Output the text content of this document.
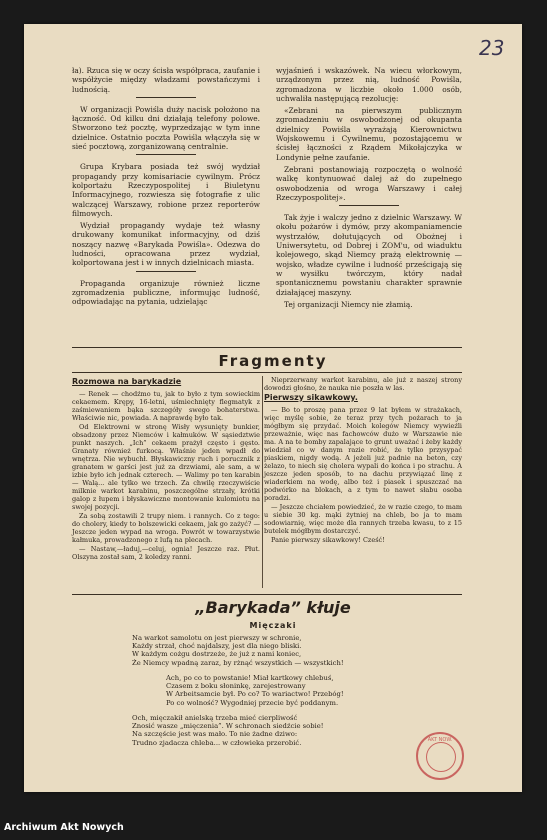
23

ła). Rzuca się w oczy ścisła współpraca, zaufanie i współżycie między władzami powstańczymi i ludnością.

W organizacji Powiśla duży nacisk położono na łączność. Od kilku dni działają telefony polowe. Stworzono też pocztę, wyprzedzając w tym inne dzielnice. Ostatnio poczta Powiśla włączyła się w sieć pocztową, zorganizowaną centralnie.

Grupa Krybara posiada też swój wydział propagandy przy komisariacie cywilnym. Prócz kolportażu Rzeczypospolitej i Biuletynu Informacyjnego, rozwiesza się fotografie z ulic walczącej Warszawy, robione przez reporterów filmowych.

Wydział propagandy wydaje też własny drukowany komunikat informacyjny, od dziś noszący nazwę «Barykada Powiśla». Odezwa do ludności, opracowana przez wydział, kolportowana jest i w innych dzielnicach miasta.

Propaganda organizuje również liczne zgromadzenia publiczne, informując ludność, odpowiadając na pytania, udzielając

wyjaśnień i wskazówek. Na wiecu włorkowym, urządzonym przez nią, ludność Powiśla, zgromadzona w liczbie około 1.000 osób, uchwaliła następującą rezolucję:

«Zebrani na pierwszym publicznym zgromadzeniu w oswobodzonej od okupanta dzielnicy Powiśla wyrażają Kierownictwu Wojskowemu i Cywilnemu, pozostającemu w ścisłej łączności z Rządem Mikołajczyka w Londynie pełne zaufanie.

Zebrani postanowiają rozpoczętą o wolność walkę kontynuować dalej aż do zupełnego oswobodzenia od wroga Warszawy i całej Rzeczypospolitej».

Tak żyje i walczy jedno z dzielnic Warszawy. W okołu pożarów i dymów, przy akompaniamencie wystrzałów, dołutujących od Obożnej i Uniwersytetu, od Dobrej i ZOM'u, od wiaduktu kolejowego, skąd Niemcy prażą elektrownię — wojsko, władze cywilne i ludność prześcigają się w wysiłku twórczym, który nadał spontanicznemu powstaniu charakter sprawnie działającej maszyny.

Tej organizacji Niemcy nie złamią.

Fragmenty
Rozmowa na barykadzie

— Renek — chodźmo tu, jak to było z tym sowieckim cekaemem. Krępy, 16-letni, uśmiechnięty flegmatyk z zaśmiewaniem bąka szczegóły swego bohaterstwa. Właściwie nic, powiada. A naprawdę było tak.

Od Elektrowni w stronę Wisły wysunięty bunkier, obsadzony przez Niemców i kałmuków. W sąsiedztwie punkt naszych. „Ich” cekaem prażył często i gęsto. Granaty również furkocą. Właśnie jeden wpadł do wnętrza. Nie wybuchł. Błyskawiczny ruch i porucznik z granatem w garści jest już za drzwiami, ale sam, a w izbie było ich jednak czterech. — Walimy po ten karabin — Walą... ale tylko we trzech. Za chwilę rzeczywiście milknie warkot karabinu, poszczególne strzały, krótki galop z łupem i błyskawiczne montowanie kulomiotu na swojej pozycji.

Za sobą zostawili 2 trupy niem. i rannych. Co z tego: do cholery, kiedy to bolszewicki cekaem, jak go zażyć? — Jeszcze jeden wypad na wroga. Powrót w towarzystwie kałmuka, prowadzonego z lufą na plecach.

— Nastaw,—ładuj,—celuj, ognia! Jeszcze raz. Płut. Olszyna został sam, 2 koledzy ranni.

Nieprzerwany warkot karabinu, ale już z naszej strony dowodzi głośno, że nauka nie poszła w las.

Pierwszy sikawkowy.

— Bo to proszę pana przez 9 lat byłem w strażakach, więc myślę sobie, że teraz przy tych pożarach to ja mógłbym się przydać. Moich kolegów Niemcy wywieźli przeważnie, więc nas fachowców dużo w Warszawie nie ma. A na te bomby zapalające to grunt uważać i żeby każdy wiedział co w danym razie robić, że tylko przysypać piaskiem, nigdy wodą. A jeżeli już padnie na beton, czy żelazo, to niech się cholera wypali do końca i po strachu. A jeszcze jeden sposób, to na dachu przywiązać linę z wiaderkiem na wodę, albo też i piasek i spuszczać na podwórko na blokach, a z tym to nawet słabu osoba poradzi.

— Jeszcze chciałem powiedzieć, że w razie czego, to mam u siebie 30 kg. mąki żytniej na chleb, bo ja to mam sodowiarnię, więc może dla rannych trzeba kwasu, to z 15 butelek mógłbym dostarczyć.

Panie pierwszy sikawkowy! Cześć!

„Barykada” kłuje
Mięczaki
Na warkot samolotu on jest pierwszy w schronie,
Każdy strzał, choć najdalszy, jest dla niego bliski.
W każdym cożgu dostrzeże, że już z nami koniec,
Że Niemcy wpadną zaraz, by rżnąć wszystkich — wszystkich!
Ach, po co to powstanie! Miał kartkowy chlebuś,
Czasem z boku słoninkę, zarejestrowany
W Arbeitsamcie był. Po co? To wariactwo! Przebóg!
Po co wolność? Wygodniej przecie być poddanym.
Och, mięczakił anielską trzeba mieć cierpliwość
Znosić wasze „mięczenia”. W schronach siedźcie sobie!
Na szczęście jest was mało. To nie żadne dziwo:
Trudno zjadacza chleba... w człowieka przerobić.	AKT NOW.
Archiwum Akt Nowych
